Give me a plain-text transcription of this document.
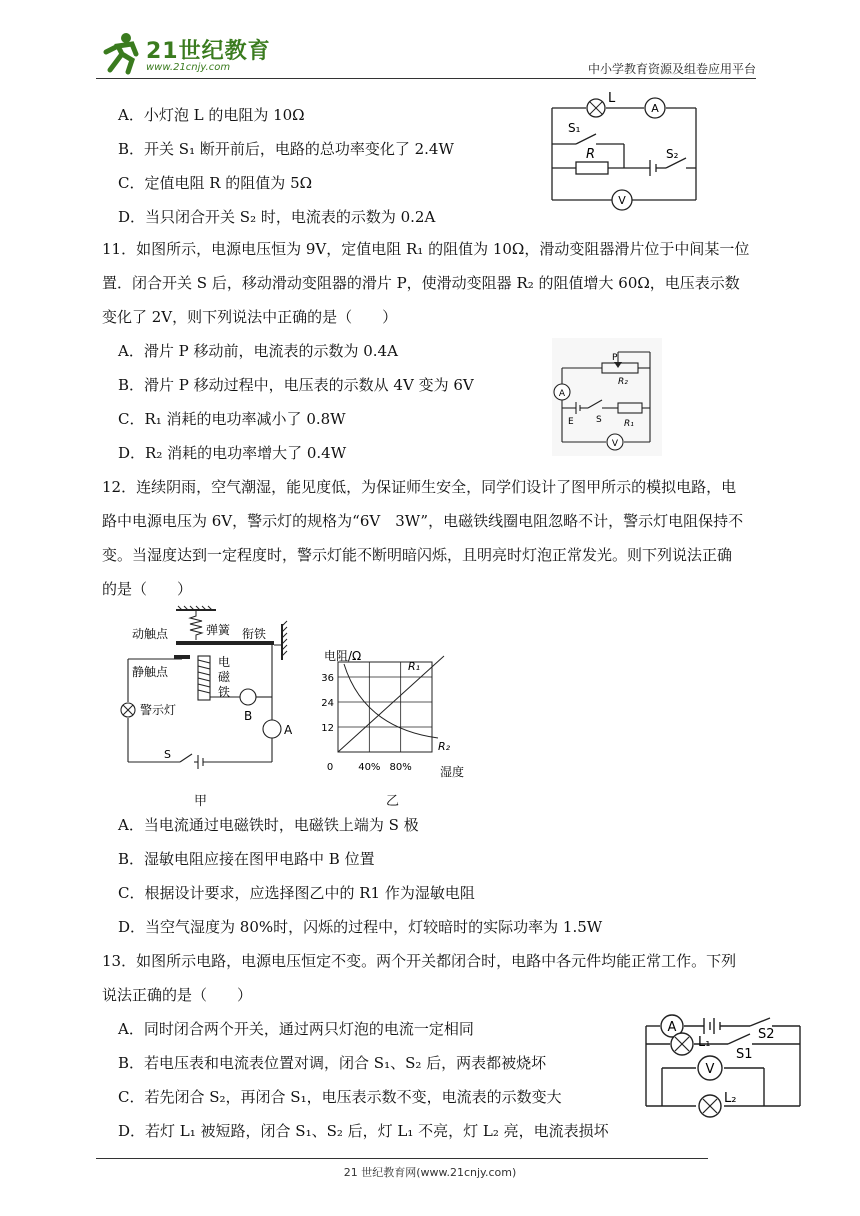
21世纪教育
www.21cnjy.com	中小学教育资源及组卷应用平台
A．小灯泡 L 的电阻为 10Ω
B．开关 S₁ 断开前后，电路的总功率变化了 2.4W
C．定值电阻 R 的阻值为 5Ω
D．当只闭合开关 S₂ 时，电流表的示数为 0.2A
A
V
L
S₁
R	S₂
11．如图所示，电源电压恒为 9V，定值电阻 R₁ 的阻值为 10Ω，滑动变阻器滑片位于中间某一位
置．闭合开关 S 后，移动滑动变阻器的滑片 P，使滑动变阻器 R₂ 的阻值增大 60Ω，电压表示数
变化了 2V，则下列说法中正确的是（　　）
A．滑片 P 移动前，电流表的示数为 0.4A
B．滑片 P 移动过程中，电压表的示数从 4V 变为 6V
C．R₁ 消耗的电功率减小了 0.8W
D．R₂ 消耗的电功率增大了 0.4W
A
V
P
R₂
E S R₁
12．连续阴雨，空气潮湿，能见度低，为保证师生安全，同学们设计了图甲所示的模拟电路，电
路中电源电压为 6V，警示灯的规格为“6V　3W”，电磁铁线圈电阻忽略不计，警示灯电阻保持不
变。当湿度达到一定程度时，警示灯能不断明暗闪烁，且明亮时灯泡正常发光。则下列说法正确
的是（　　）
动触点	弹簧 衔铁
静触点
电
磁
铁
B
A
警示灯
S
甲
36
24
12
0	40% 80%
电阻/Ω
湿度
R₁
R₂
乙
A．当电流通过电磁铁时，电磁铁上端为 S 极
B．湿敏电阻应接在图甲电路中 B 位置
C．根据设计要求，应选择图乙中的 R1 作为湿敏电阻
D．当空气湿度为 80%时，闪烁的过程中，灯较暗时的实际功率为 1.5W
13．如图所示电路，电源电压恒定不变。两个开关都闭合时，电路中各元件均能正常工作。下列
说法正确的是（　　）
A．同时闭合两个开关，通过两只灯泡的电流一定相同
B．若电压表和电流表位置对调，闭合 S₁、S₂ 后，两表都被烧坏
C．若先闭合 S₂，再闭合 S₁，电压表示数不变，电流表的示数变大
D．若灯 L₁ 被短路，闭合 S₁、S₂ 后，灯 L₁ 不亮，灯 L₂ 亮，电流表损坏
A
L₁
S2
S1
V
L₂
21 世纪教育网(www.21cnjy.com)
